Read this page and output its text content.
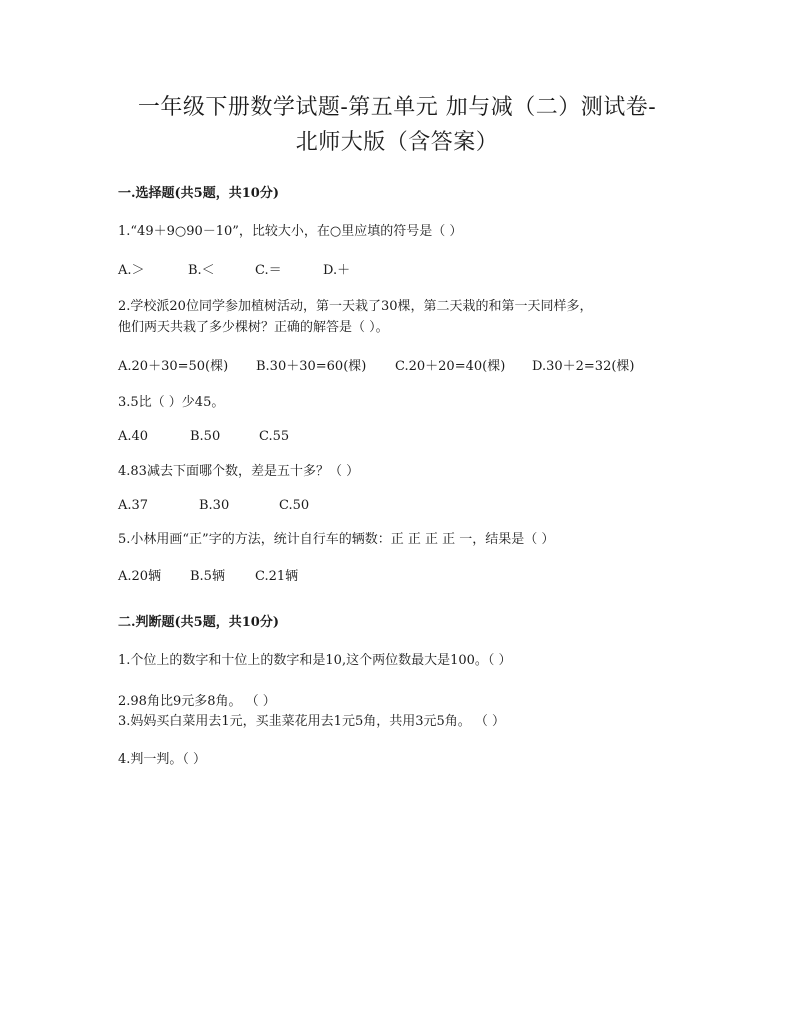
一年级下册数学试题-第五单元 加与减（二）测试卷-
北师大版（含答案）
一.选择题(共5题，共10分)
1.“49＋9○90－10”，比较大小，在○里应填的符号是（ ）
A.＞	B.＜	C.＝	D.＋
2.学校派20位同学参加植树活动，第一天栽了30棵，第二天栽的和第一天同样多，
他们两天共栽了多少棵树？正确的解答是（ ）。
A.20＋30=50(棵) B.30＋30=60(棵) C.20＋20=40(棵) D.30＋2=32(棵)
3.5比（ ）少45。
A.40	B.50	C.55
4.83减去下面哪个数，差是五十多？（ ）
A.37	B.30	C.50
5.小林用画“正”字的方法，统计自行车的辆数：正 正 正 正 一，结果是（ ）
A.20辆 B.5辆 C.21辆
二.判断题(共5题，共10分)
1.个位上的数字和十位上的数字和是10,这个两位数最大是100。（ ）
2.98角比9元多8角。 （ ）
3.妈妈买白菜用去1元，买韭菜花用去1元5角，共用3元5角。 （ ）
4.判一判。（ ）
